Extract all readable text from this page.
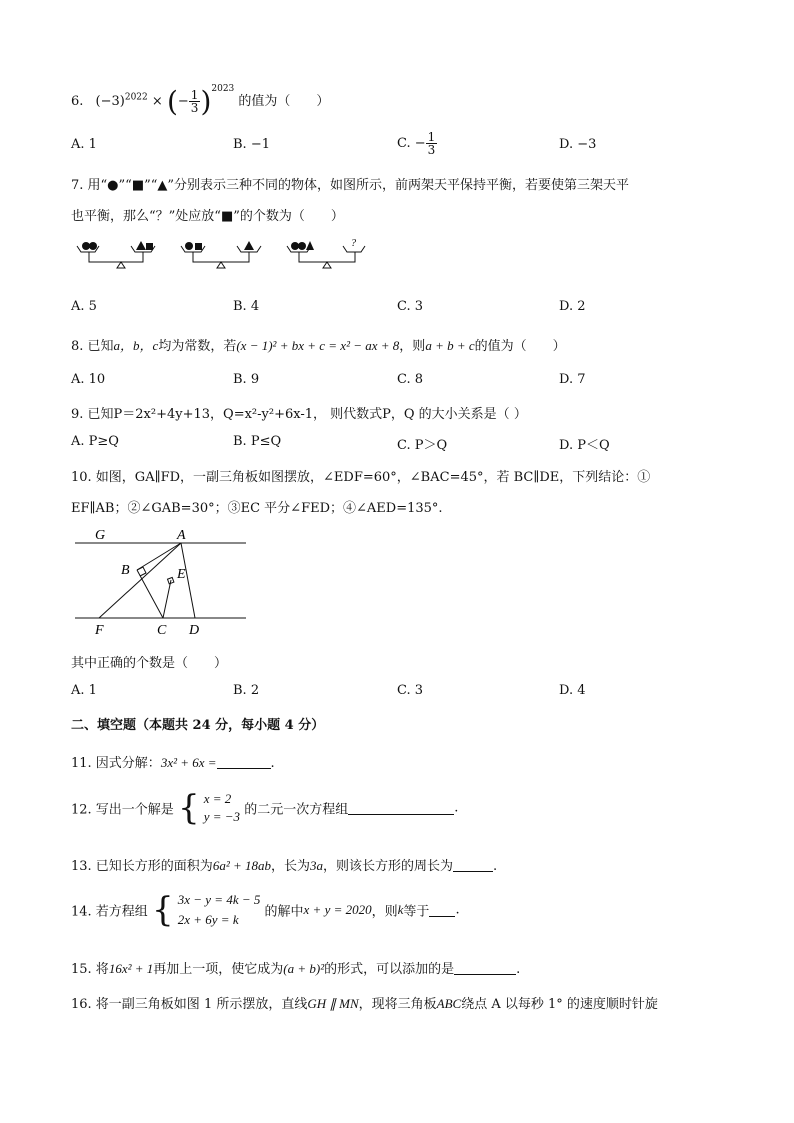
6. $(-3)^{2022}$ × (− $\frac{1}{3} )^{2023}$ 的值为（　　）
A. 1	B. −1	C. − $\frac{1}{3}$	D. −3
7. 用“●”“■”“▲”分别表示三种不同的物体，如图所示，前两架天平保持平衡，若要使第三架天平
也平衡，那么“？”处应放“■”的个数为（　　）
?
A. 5	B. 4	C. 3	D. 2
8. 已知a，b，c均为常数，若(x − 1)² + bx + c = x² − ax + 8，则a + b + c的值为（　　）
A. 10	B. 9	C. 8	D. 7
9. 已知P＝2x²+4y+13，Q=x²-y²+6x-1， 则代数式P，Q 的大小关系是（ ）
A. P≥Q	B. P≤Q	C. P＞Q	D. P＜Q
10. 如图，GA∥FD，一副三角板如图摆放，∠EDF=60°，∠BAC=45°，若 BC∥DE，下列结论：①
EF∥AB；②∠GAB=30°；③EC 平分∠FED；④∠AED=135°.
G	A
B	E
F	C D
其中正确的个数是（　　）
A. 1	B. 2	C. 3	D. 4
二、填空题（本题共 24 分，每小题 4 分）
11. 因式分解：3x² + 6x =	.
12. 写出一个解是 { x = 2
y = −3 的二元一次方程组	.
13. 已知长方形的面积为6a² + 18ab，长为3a，则该长方形的周长为	.
14. 若方程组 { 3x − y = 4k − 5
2x + 6y = k	的解中x + y = 2020，则k等于 .
15. 将16x² + 1再加上一项，使它成为(a + b)²的形式，可以添加的是	.
16. 将一副三角板如图 1 所示摆放，直线GH ∥ MN，现将三角板ABC绕点 A 以每秒 1° 的速度顺时针旋
